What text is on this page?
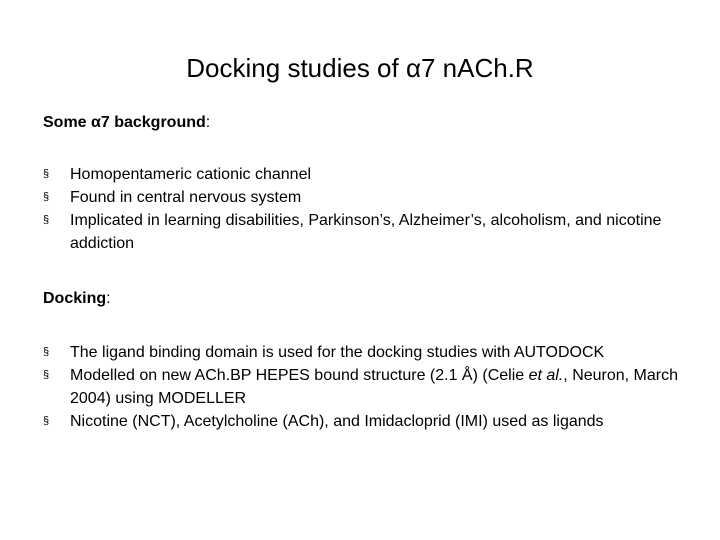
Docking studies of α7 nACh.R
Some α7 background:
§ Homopentameric cationic channel
§ Found in central nervous system
§ Implicated in learning disabilities, Parkinson’s, Alzheimer’s, alcoholism, and nicotine addiction
Docking:
§ The ligand binding domain is used for the docking studies with AUTODOCK
§ Modelled on new ACh.BP HEPES bound structure (2.1 Å) (Celie et al., Neuron, March 2004) using MODELLER
§ Nicotine (NCT), Acetylcholine (ACh), and Imidacloprid (IMI) used as ligands
